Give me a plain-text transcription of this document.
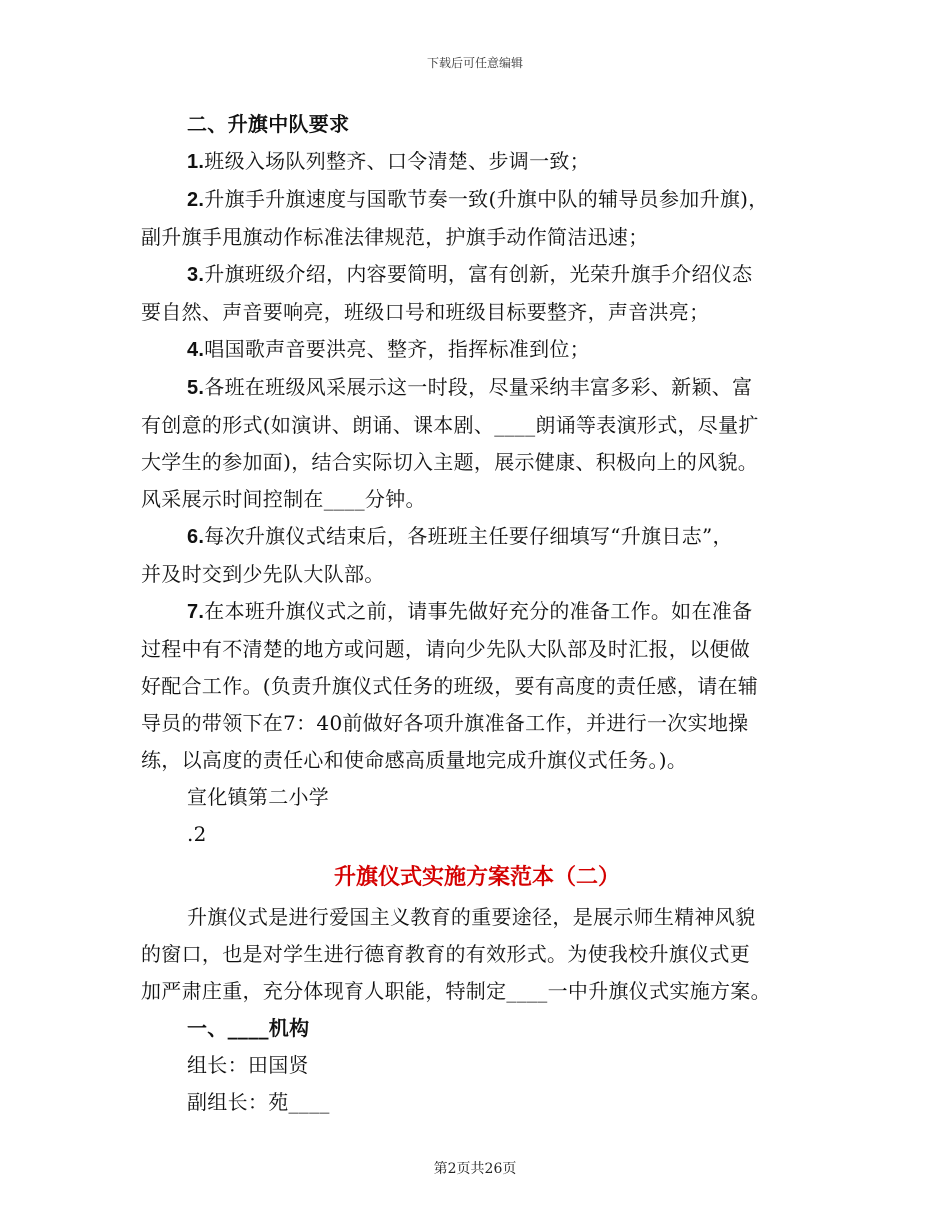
下载后可任意编辑
二、升旗中队要求
1.班级入场队列整齐、口令清楚、步调一致；
2.升旗手升旗速度与国歌节奏一致(升旗中队的辅导员参加升旗)，
副升旗手甩旗动作标准法律规范，护旗手动作简洁迅速；
3.升旗班级介绍，内容要简明，富有创新，光荣升旗手介绍仪态
要自然、声音要响亮，班级口号和班级目标要整齐，声音洪亮；
4.唱国歌声音要洪亮、整齐，指挥标准到位；
5.各班在班级风采展示这一时段，尽量采纳丰富多彩、新颖、富
有创意的形式(如演讲、朗诵、课本剧、____朗诵等表演形式，尽量扩
大学生的参加面)，结合实际切入主题，展示健康、积极向上的风貌。
风采展示时间控制在____分钟。
6.每次升旗仪式结束后，各班班主任要仔细填写“升旗日志”，
并及时交到少先队大队部。
7.在本班升旗仪式之前，请事先做好充分的准备工作。如在准备
过程中有不清楚的地方或问题，请向少先队大队部及时汇报，以便做
好配合工作。(负责升旗仪式任务的班级，要有高度的责任感，请在辅
导员的带领下在7：40前做好各项升旗准备工作，并进行一次实地操
练，以高度的责任心和使命感高质量地完成升旗仪式任务。)。
宣化镇第二小学
.2
升旗仪式实施方案范本（二）
升旗仪式是进行爱国主义教育的重要途径，是展示师生精神风貌
的窗口，也是对学生进行德育教育的有效形式。为使我校升旗仪式更
加严肃庄重，充分体现育人职能，特制定____一中升旗仪式实施方案。
一、____机构
组长：田国贤
副组长：苑____
第2页共26页
